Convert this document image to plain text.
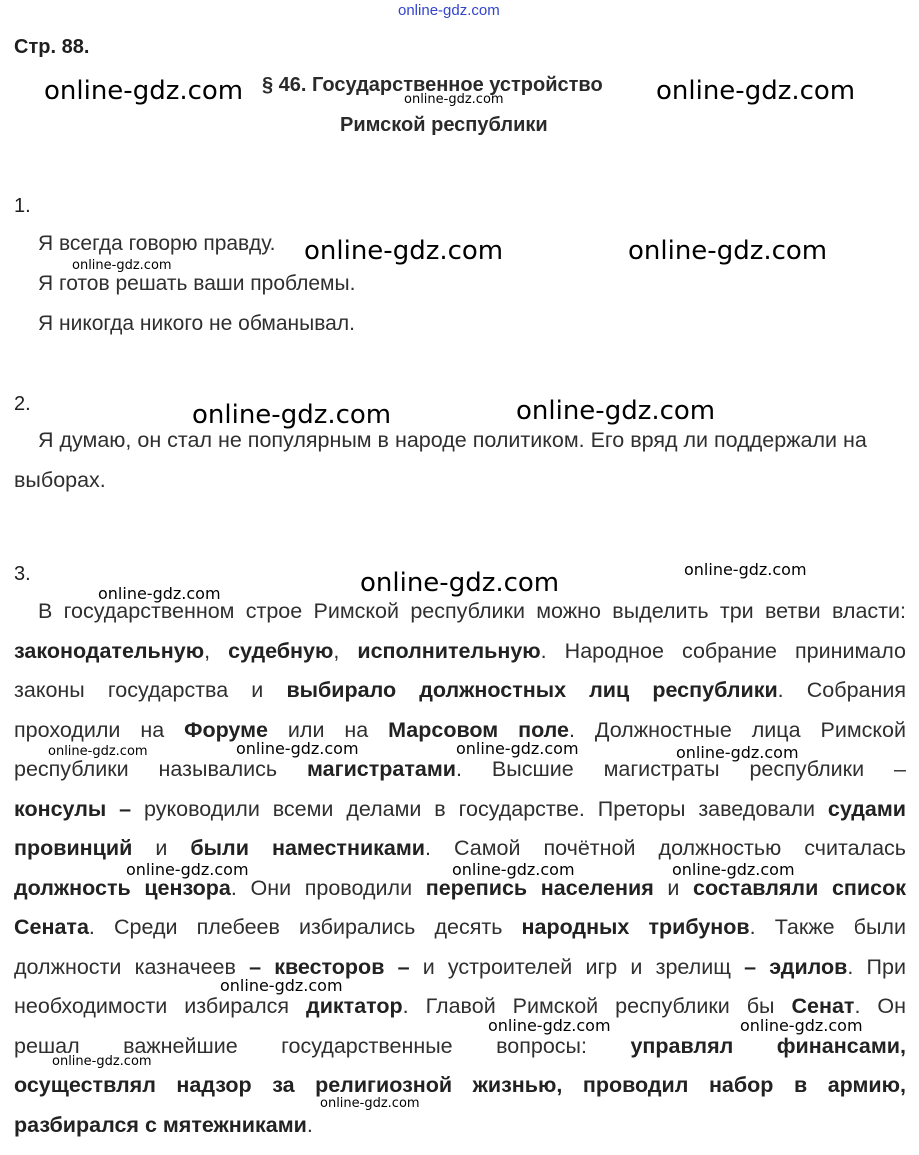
online-gdz.com
Стр. 88.
§ 46. Государственное устройство
Римской республики
1.
Я всегда говорю правду.
Я готов решать ваши проблемы.
Я никогда никого не обманывал.
2.
Я думаю, он стал не популярным в народе политиком. Его вряд ли поддержали на выборах.
3.
В государственном строе Римской республики можно выделить три ветви власти:
законодательную, судебную, исполнительную. Народное собрание принимало
законы государства и выбирало должностных лиц республики. Собрания
проходили на Форуме или на Марсовом поле. Должностные лица Римской
республики назывались магистратами. Высшие магистраты республики –
консулы – руководили всеми делами в государстве. Преторы заведовали судами
провинций и были наместниками. Самой почётной должностью считалась
должность цензора. Они проводили перепись населения и составляли список
Сената. Среди плебеев избирались десять народных трибунов. Также были
должности казначеев – квесторов – и устроителей игр и зрелищ – эдилов. При
необходимости избирался диктатор. Главой Римской республики бы Сенат. Он
решал важнейшие государственные вопросы: управлял финансами,
осуществлял надзор за религиозной жизнью, проводил набор в армию,
разбирался с мятежниками.
online-gdz.com	online-gdz.com
online-gdz.com	online-gdz.com
online-gdz.com	online-gdz.com
online-gdz.com
online-gdz.com
online-gdz.com
online-gdz.com
online-gdz.com
online-gdz.com	online-gdz.com	online-gdz.com	online-gdz.com
online-gdz.com	online-gdz.com	online-gdz.com
online-gdz.com
online-gdz.com	online-gdz.com
online-gdz.com
online-gdz.com
